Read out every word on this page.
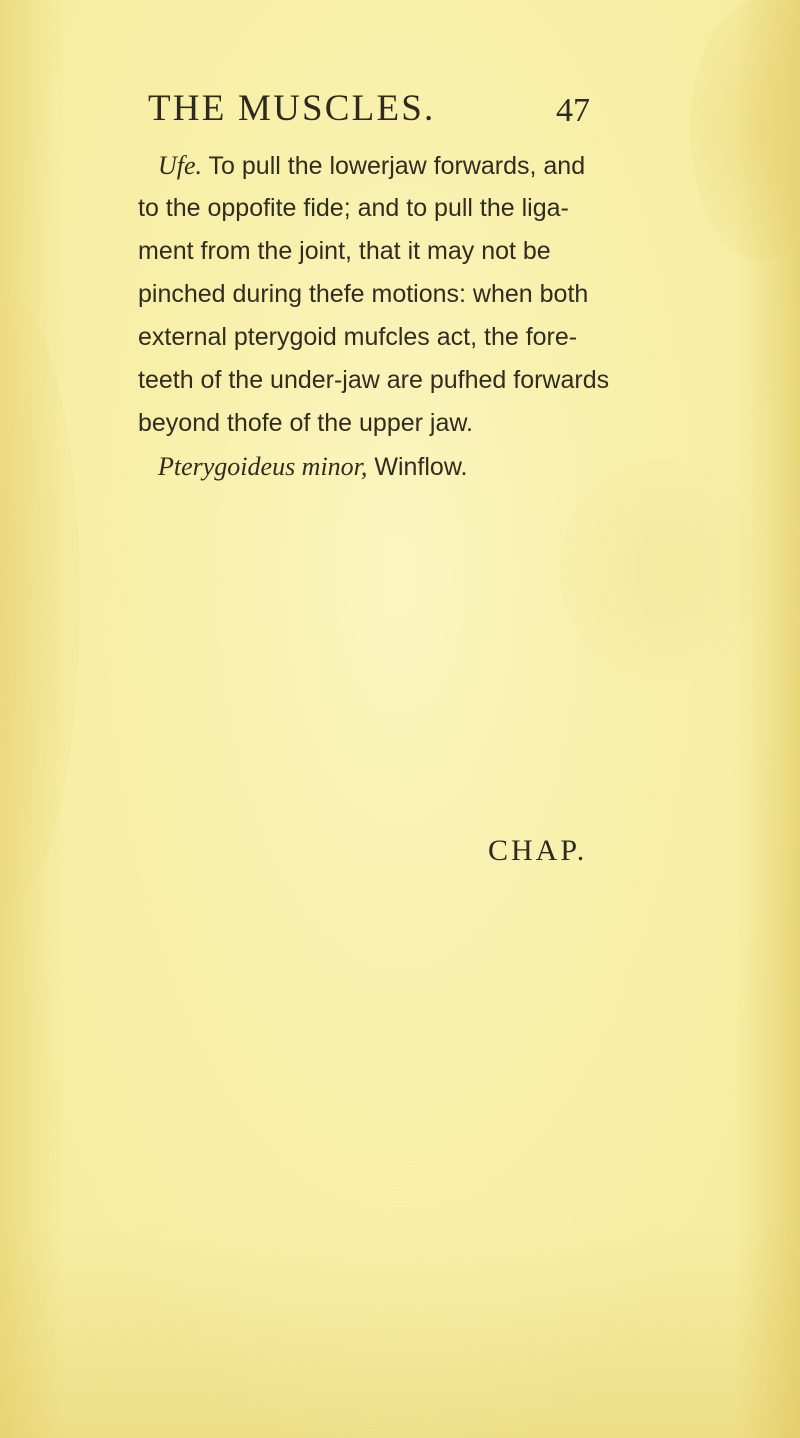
THE MUSCLES.	47
Ufe. To pull the lowerjaw forwards, and
to the oppofite fide; and to pull the liga-
ment from the joint, that it may not be
pinched during thefe motions: when both
external pterygoid mufcles act, the fore-
teeth of the under-jaw are pufhed forwards
beyond thofe of the upper jaw.
Pterygoideus minor, Winflow.
CHAP.
